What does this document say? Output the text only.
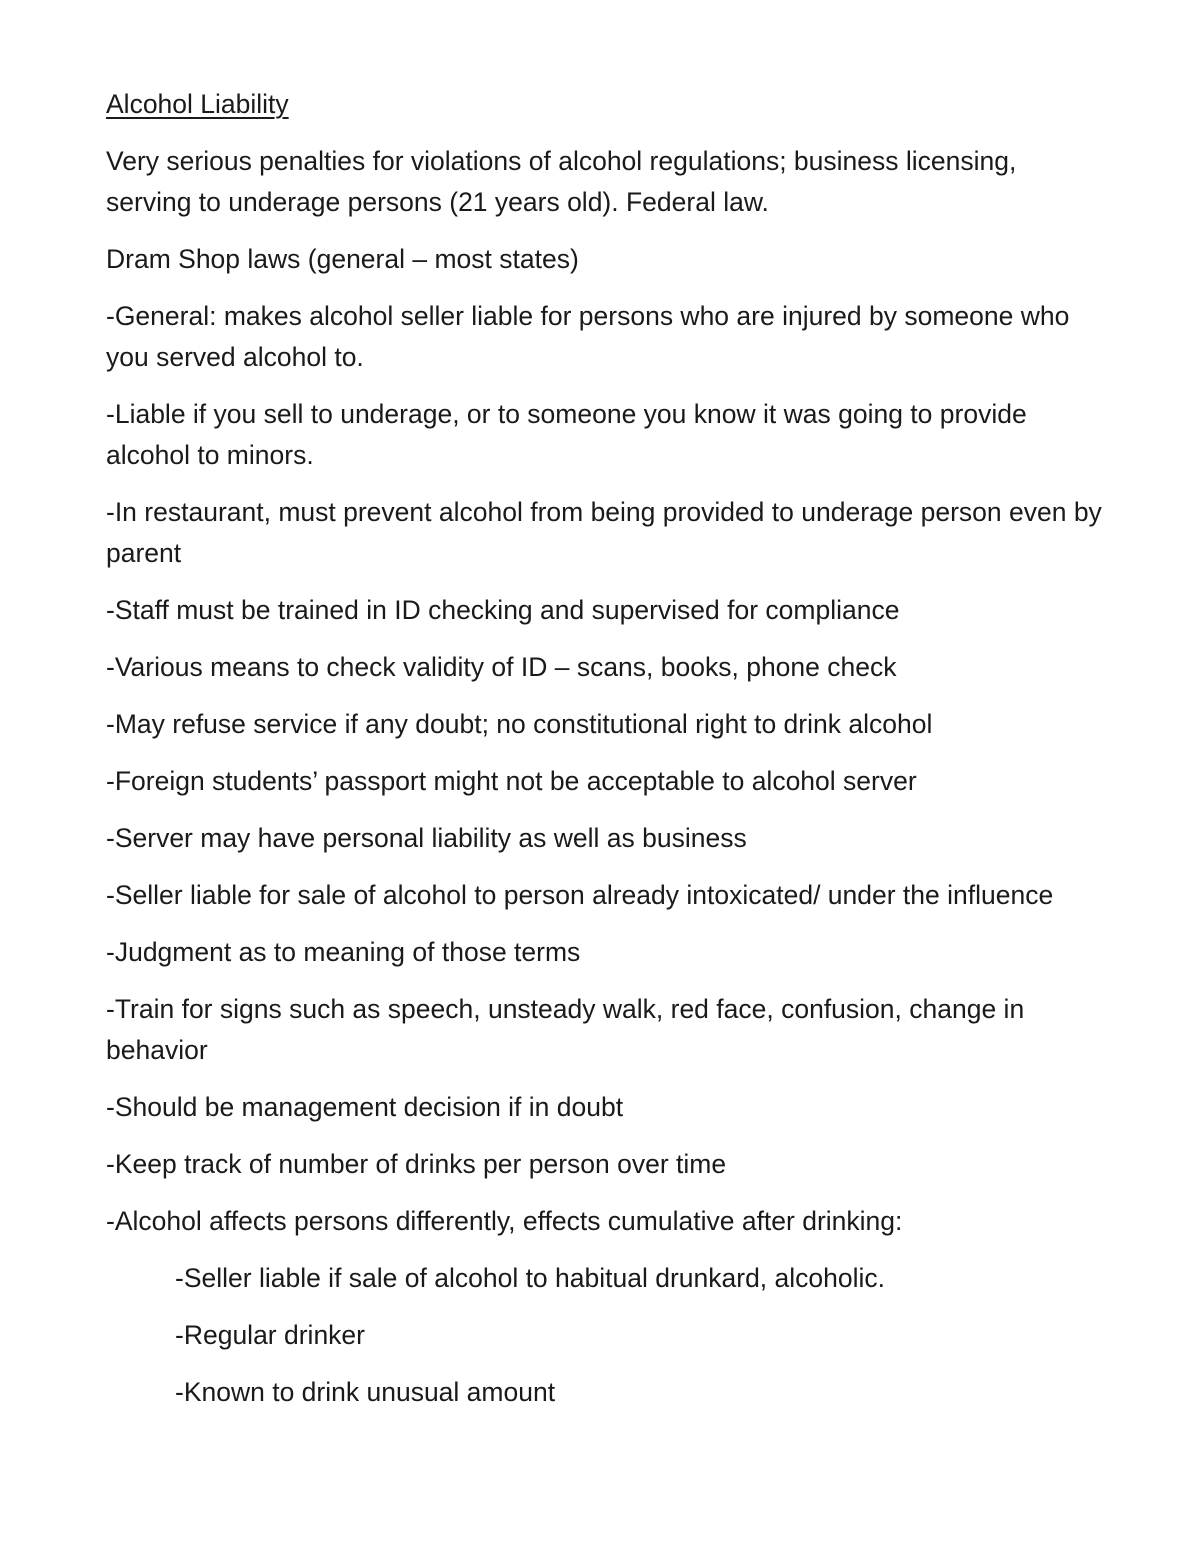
Alcohol Liability

Very serious penalties for violations of alcohol regulations; business licensing, serving to underage persons (21 years old). Federal law.

Dram Shop laws (general – most states)

-General: makes alcohol seller liable for persons who are injured by someone who you served alcohol to.

-Liable if you sell to underage, or to someone you know it was going to provide alcohol to minors.

-In restaurant, must prevent alcohol from being provided to underage person even by parent

-Staff must be trained in ID checking and supervised for compliance

-Various means to check validity of ID – scans, books, phone check

-May refuse service if any doubt; no constitutional right to drink alcohol

-Foreign students’ passport might not be acceptable to alcohol server

-Server may have personal liability as well as business

-Seller liable for sale of alcohol to person already intoxicated/ under the influence

-Judgment as to meaning of those terms

-Train for signs such as speech, unsteady walk, red face, confusion, change in behavior

-Should be management decision if in doubt

-Keep track of number of drinks per person over time

-Alcohol affects persons differently, effects cumulative after drinking:

-Seller liable if sale of alcohol to habitual drunkard, alcoholic.

-Regular drinker

-Known to drink unusual amount
